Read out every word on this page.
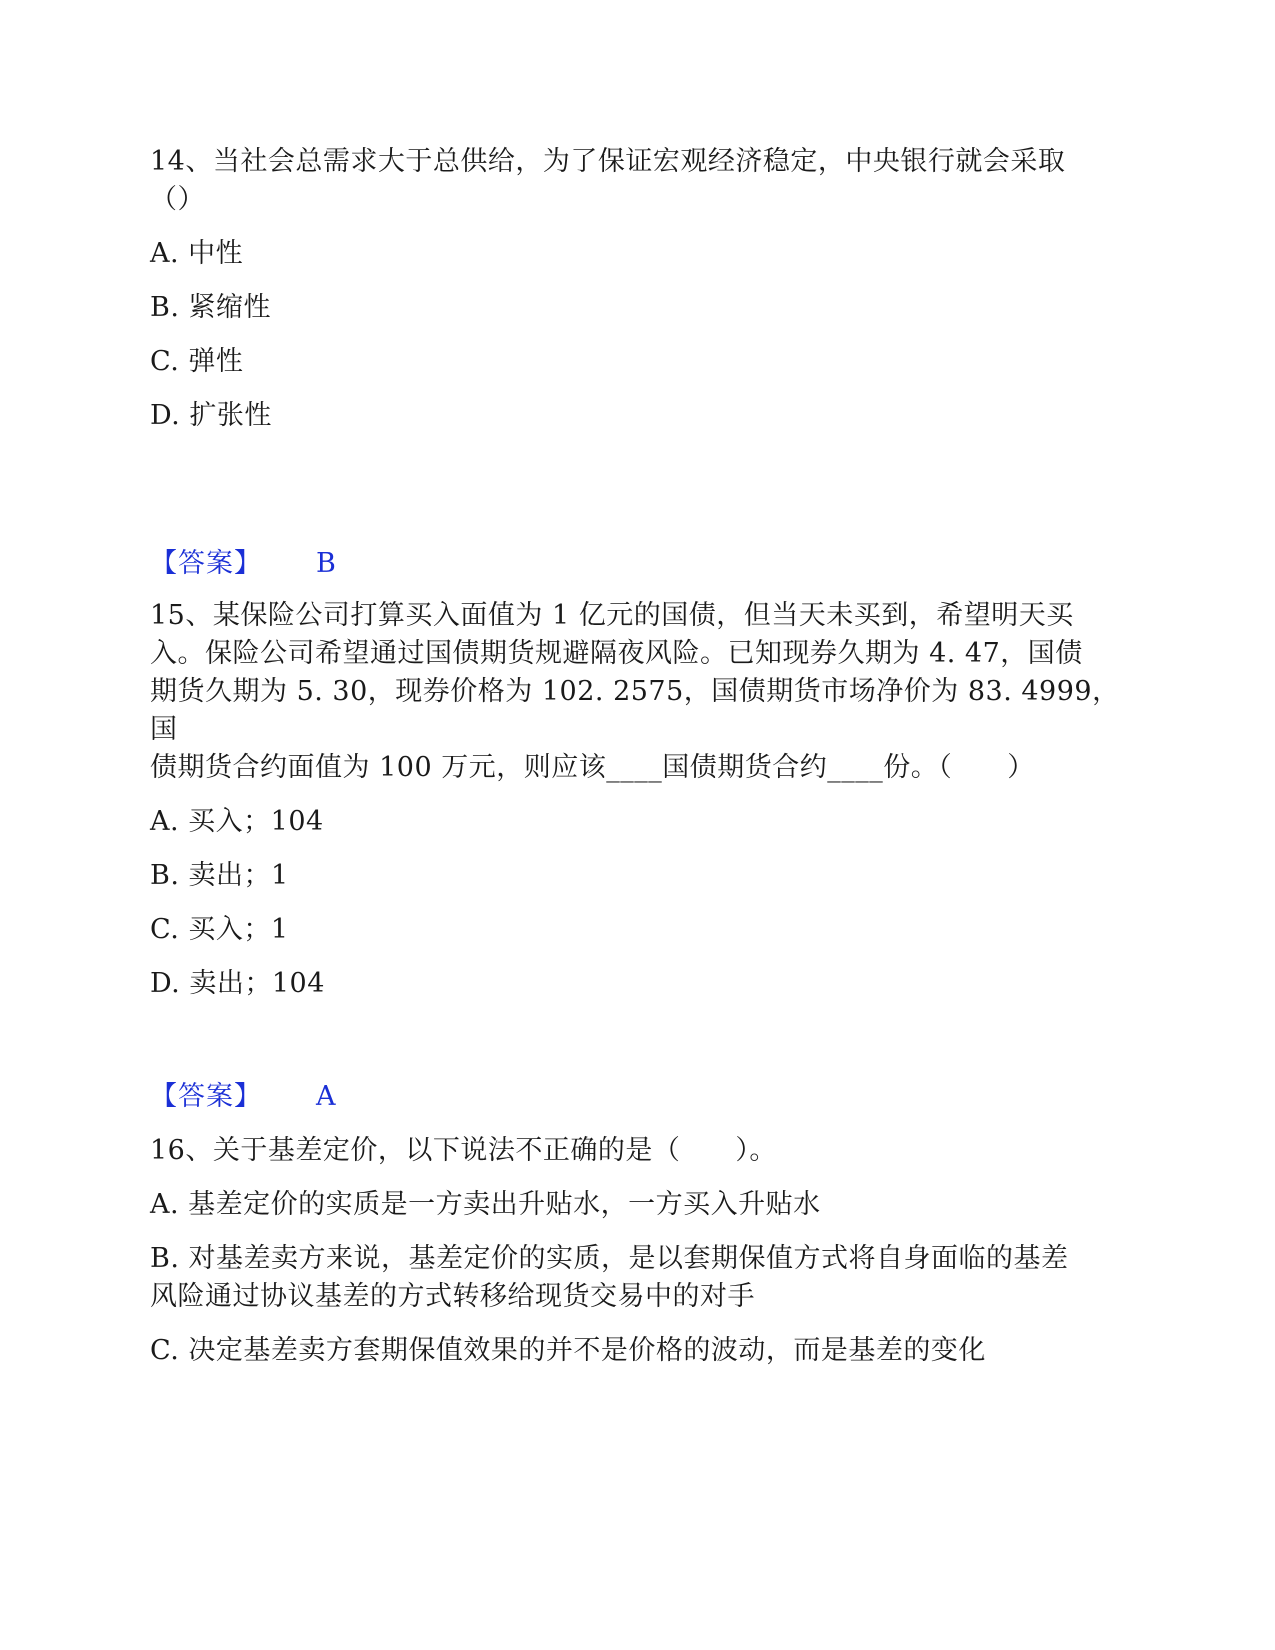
14、当社会总需求大于总供给，为了保证宏观经济稳定，中央银行就会采取

（）

A. 中性

B. 紧缩性

C. 弹性

D. 扩张性

【答案】 B

15、某保险公司打算买入面值为 1 亿元的国债，但当天未买到，希望明天买

入。保险公司希望通过国债期货规避隔夜风险。已知现券久期为 4. 47，国债

期货久期为 5. 30，现券价格为 102. 2575，国债期货市场净价为 83. 4999，国

债期货合约面值为 100 万元，则应该____国债期货合约____份。（　　）

A. 买入；104

B. 卖出；1

C. 买入；1

D. 卖出；104

【答案】 A

16、关于基差定价，以下说法不正确的是（　　）。

A. 基差定价的实质是一方卖出升贴水，一方买入升贴水

B. 对基差卖方来说，基差定价的实质，是以套期保值方式将自身面临的基差

风险通过协议基差的方式转移给现货交易中的对手

C. 决定基差卖方套期保值效果的并不是价格的波动，而是基差的变化
